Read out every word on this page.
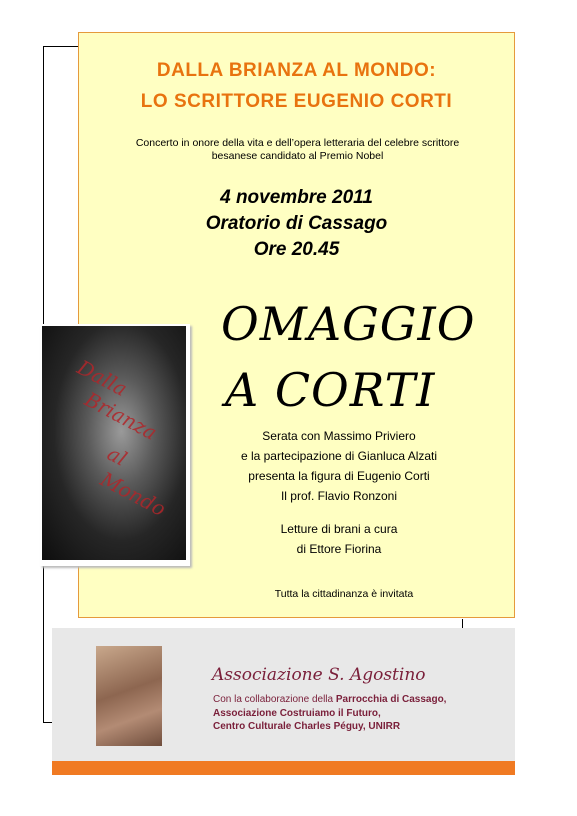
DALLA BRIANZA AL MONDO:
LO SCRITTORE EUGENIO CORTI
Concerto in onore della vita e dell’opera letteraria del celebre scrittore
besanese candidato al Premio Nobel
4 novembre 2011
Oratorio di Cassago
Ore 20.45
OMAGGIO
A CORTI
Serata con Massimo Priviero
e la partecipazione di Gianluca Alzati
presenta la figura di Eugenio Corti
Il prof. Flavio Ronzoni
Letture di brani a cura
di Ettore Fiorina
Tutta la cittadinanza è invitata
Dalla
Brianza
al
Mondo
Associazione S. Agostino
Con la collaborazione della Parrocchia di Cassago,
Associazione Costruiamo il Futuro,
Centro Culturale Charles Péguy, UNIRR
